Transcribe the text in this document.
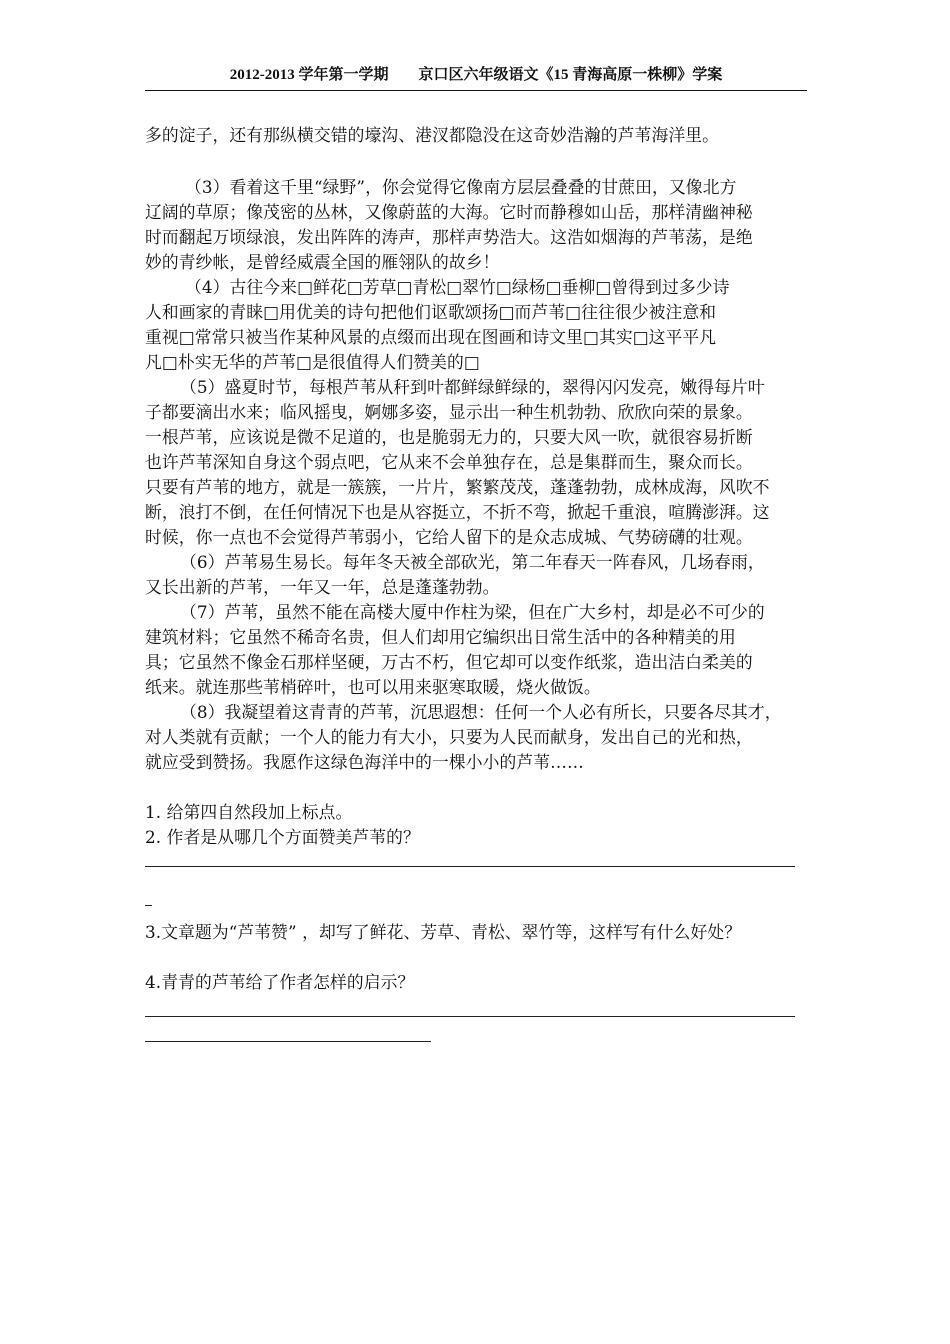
2012-2013 学年第一学期        京口区六年级语文《15 青海高原一株柳》学案
多的淀子，还有那纵横交错的壕沟、港汊都隐没在这奇妙浩瀚的芦苇海洋里。
（3）看着这千里“绿野”，你会觉得它像南方层层叠叠的甘蔗田，又像北方
辽阔的草原；像茂密的丛林，又像蔚蓝的大海。它时而静穆如山岳，那样清幽神秘
时而翻起万顷绿浪，发出阵阵的涛声，那样声势浩大。这浩如烟海的芦苇荡，是绝
妙的青纱帐，是曾经威震全国的雁翎队的故乡！
（4）古往今来□鲜花□芳草□青松□翠竹□绿杨□垂柳□曾得到过多少诗
人和画家的青睐□用优美的诗句把他们讴歌颂扬□而芦苇□往往很少被注意和
重视□常常只被当作某种风景的点缀而出现在图画和诗文里□其实□这平平凡
凡□朴实无华的芦苇□是很值得人们赞美的□
（5）盛夏时节，每根芦苇从秆到叶都鲜绿鲜绿的，翠得闪闪发亮，嫩得每片叶
子都要滴出水来；临风摇曳，婀娜多姿，显示出一种生机勃勃、欣欣向荣的景象。
一根芦苇，应该说是微不足道的，也是脆弱无力的，只要大风一吹，就很容易折断
也许芦苇深知自身这个弱点吧，它从来不会单独存在，总是集群而生，聚众而长。
只要有芦苇的地方，就是一簇簇，一片片，繁繁茂茂，蓬蓬勃勃，成林成海，风吹不
断，浪打不倒，在任何情况下也是从容挺立，不折不弯，掀起千重浪，喧腾澎湃。这
时候，你一点也不会觉得芦苇弱小，它给人留下的是众志成城、气势磅礴的壮观。
（6）芦苇易生易长。每年冬天被全部砍光，第二年春天一阵春风，几场春雨，
又长出新的芦苇，一年又一年，总是蓬蓬勃勃。
（7）芦苇，虽然不能在高楼大厦中作柱为梁，但在广大乡村，却是必不可少的
建筑材料；它虽然不稀奇名贵，但人们却用它编织出日常生活中的各种精美的用
具；它虽然不像金石那样坚硬，万古不朽，但它却可以变作纸浆，造出洁白柔美的
纸来。就连那些苇梢碎叶，也可以用来驱寒取暖，烧火做饭。
（8）我凝望着这青青的芦苇，沉思遐想：任何一个人必有所长，只要各尽其才，
对人类就有贡献；一个人的能力有大小，只要为人民而献身，发出自己的光和热，
就应受到赞扬。我愿作这绿色海洋中的一棵小小的芦苇……
1. 给第四自然段加上标点。
2. 作者是从哪几个方面赞美芦苇的？
3.文章题为“芦苇赞” ，却写了鲜花、芳草、青松、翠竹等，这样写有什么好处？
4.青青的芦苇给了作者怎样的启示？
